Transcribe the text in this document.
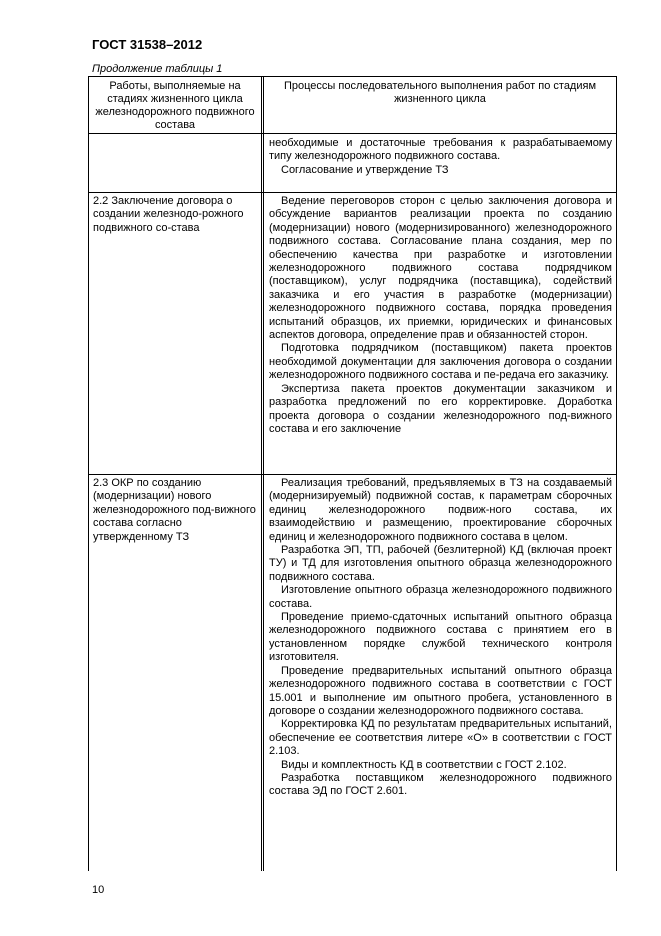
ГОСТ 31538–2012
Продолжение таблицы 1
Работы, выполняемые на стадиях жизненного цикла железнодорожного подвижного состава
Процессы последовательного выполнения работ по стадиям жизненного цикла

необходимые и достаточные требования к разрабатываемому типу железнодорожного подвижного состава.

Согласование и утверждение ТЗ

2.2 Заключение договора о создании железнодо-рожного подвижного со-става

Ведение переговоров сторон с целью заключения договора и обсуждение вариантов реализации проекта по созданию (модернизации) нового (модернизированного) железнодорожного подвижного состава. Согласование плана создания, мер по обеспечению качества при разработке и изготовлении железнодорожного подвижного состава подрядчиком (поставщиком), услуг подрядчика (поставщика), содействий заказчика и его участия в разработке (модернизации) железнодорожного подвижного состава, порядка проведения испытаний образцов, их приемки, юридических и финансовых аспектов договора, определение прав и обязанностей сторон.

Подготовка подрядчиком (поставщиком) пакета проектов необходимой документации для заключения договора о создании железнодорожного подвижного состава и пе-редача его заказчику.

Экспертиза пакета проектов документации заказчиком и разработка предложений по его корректировке. Доработка проекта договора о создании железнодорожного под-вижного состава и его заключение

2.3 ОКР по созданию (модернизации) нового железнодорожного под-вижного состава согласно утвержденному ТЗ

Реализация требований, предъявляемых в ТЗ на создаваемый (модернизируемый) подвижной состав, к параметрам сборочных единиц железнодорожного подвиж-ного состава, их взаимодействию и размещению, проектирование сборочных единиц и железнодорожного подвижного состава в целом.

Разработка ЭП, ТП, рабочей (безлитерной) КД (включая проект ТУ) и ТД для изготовления опытного образца железнодорожного подвижного состава.

Изготовление опытного образца железнодорожного подвижного состава.

Проведение приемо-сдаточных испытаний опытного образца железнодорожного подвижного состава с принятием его в установленном порядке службой технического контроля изготовителя.

Проведение предварительных испытаний опытного образца железнодорожного подвижного состава в соответствии с ГОСТ 15.001 и выполнение им опытного пробега, установленного в договоре о создании железнодорожного подвижного состава.

Корректировка КД по результатам предварительных испытаний, обеспечение ее соответствия литере «О» в соответствии с ГОСТ 2.103.

Виды и комплектность КД в соответствии с ГОСТ 2.102.

Разработка поставщиком железнодорожного подвижного состава ЭД по ГОСТ 2.601.

10
